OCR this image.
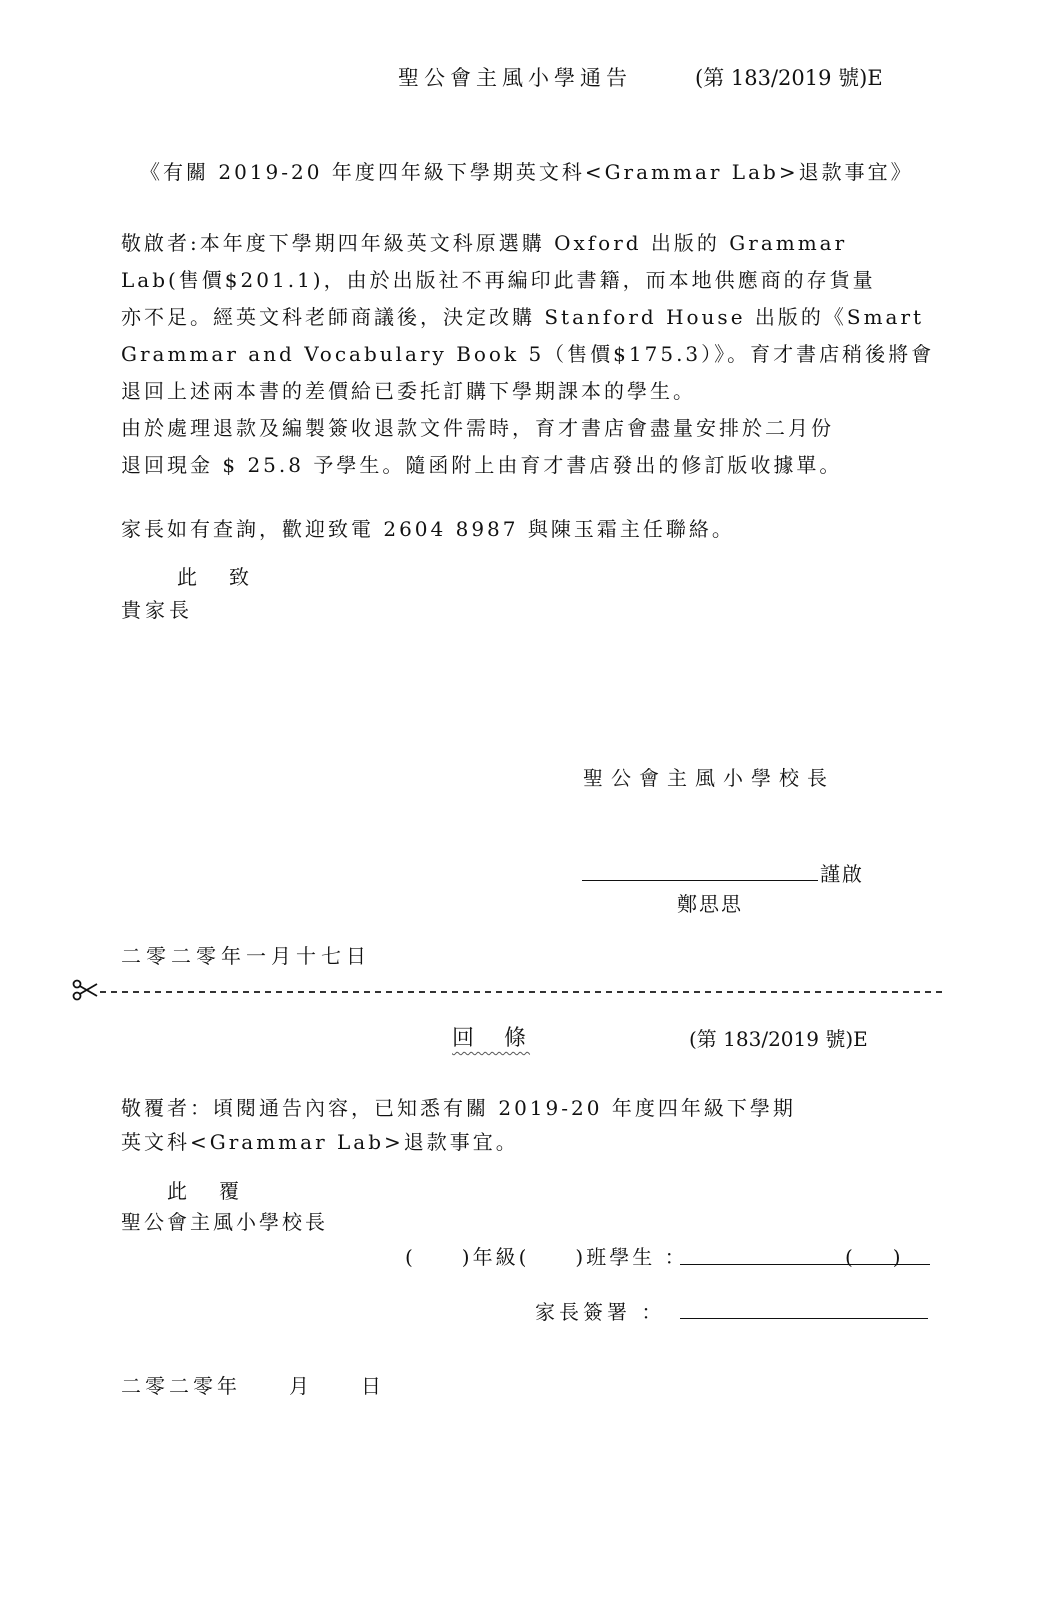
聖公會主風小學通告	(第 183/2019 號)E
《有關 2019-20 年度四年級下學期英文科<Grammar Lab>退款事宜》
敬啟者:本年度下學期四年級英文科原選購 Oxford 出版的 Grammar
Lab(售價$201.1)，由於出版社不再編印此書籍，而本地供應商的存貨量
亦不足。經英文科老師商議後，決定改購 Stanford House 出版的《Smart
Grammar and Vocabulary Book 5（售價$175.3）》。育才書店稍後將會
退回上述兩本書的差價給已委托訂購下學期課本的學生。
由於處理退款及編製簽收退款文件需時，育才書店會盡量安排於二月份
退回現金 $ 25.8 予學生。隨函附上由育才書店發出的修訂版收據單。
家長如有查詢，歡迎致電 2604 8987 與陳玉霜主任聯絡。
此　致
貴家長
聖公會主風小學校長
謹啟
鄭思思
二零二零年一月十七日
回　條	(第 183/2019 號)E
敬覆者：頃閱通告內容，已知悉有關 2019-20 年度四年級下學期
英文科<Grammar Lab>退款事宜。
此　覆
聖公會主風小學校長
(　　)年級(　　)班學生 ：	(　　)
家長簽署 ：
二零二零年　　月　　日
